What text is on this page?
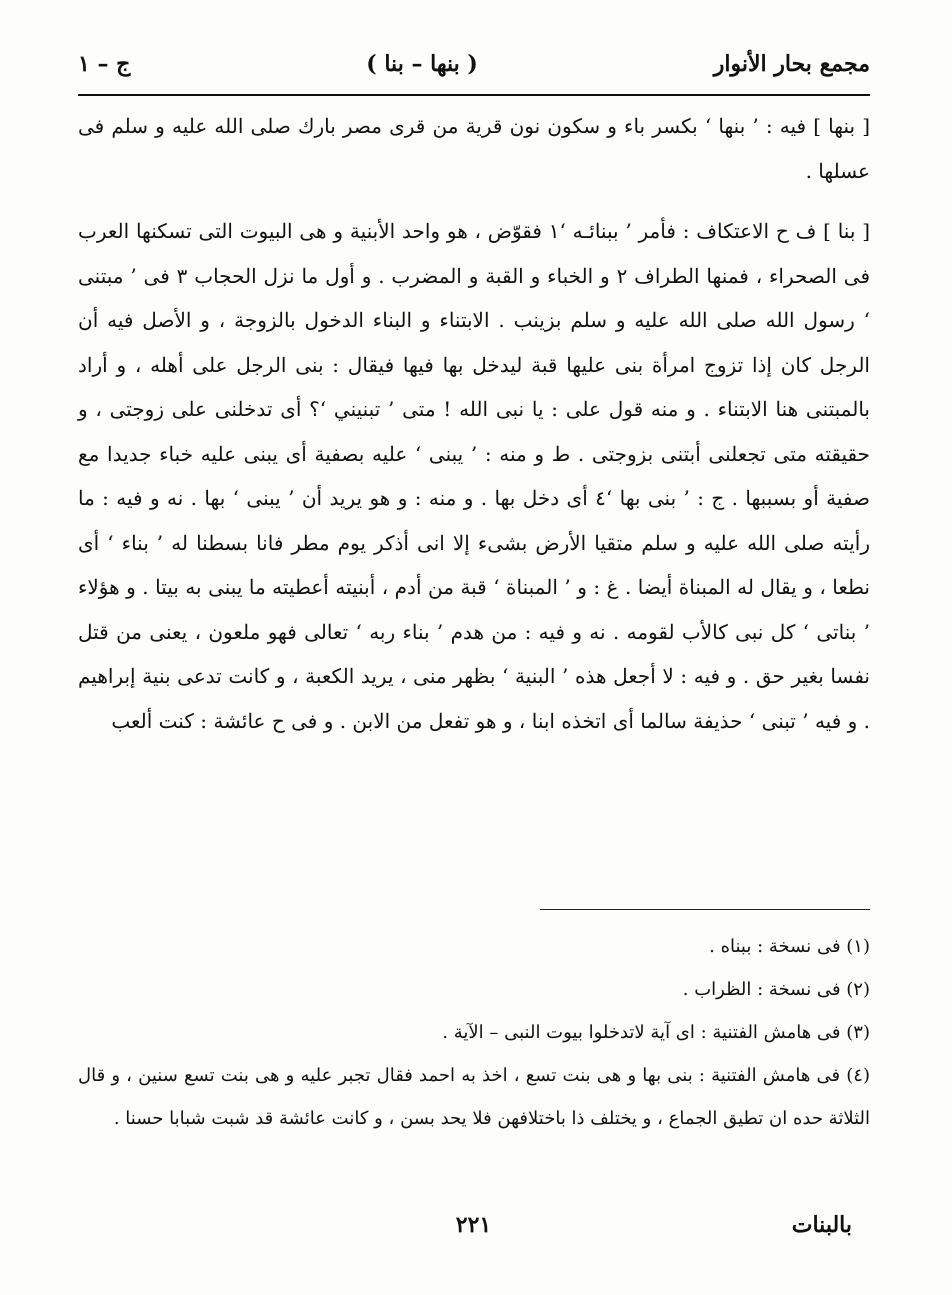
مجمع بحار الأنوار
( بنها – بنا )
ج – ١

[ بنها ] فيه : ’ بنها ‘ بكسر باء و سكون نون قرية من قرى مصر بارك صلى الله عليه و سلم فى عسلها .

[ بنا ] ف ح الاعتكاف : فأمر ’ ببنائـه ‘١ فقوّض ، هو واحد الأبنية و هى البيوت التى تسكنها العرب فى الصحراء ، فمنها الطراف ٢ و الخباء و القبة و المضرب . و أول ما نزل الحجاب ٣ فى ’ مبتنى ‘ رسول الله صلى الله عليه و سلم بزينب . الابتناء و البناء الدخول بالزوجة ، و الأصل فيه أن الرجل كان إذا تزوج امرأة بنى عليها قبة ليدخل بها فيها فيقال : بنى الرجل على أهله ، و أراد بالمبتنى هنا الابتناء . و منه قول على : يا نبى الله ! متى ’ تبنيني ‘؟ أى تدخلنى على زوجتى ، و حقيقته متى تجعلنى أبتنى بزوجتى . ط و منه : ’ يبنى ‘ عليه بصفية أى يبنى عليه خباء جديدا مع صفية أو بسببها . ج : ’ بنى بها ‘٤ أى دخل بها . و منه : و هو يريد أن ’ يبنى ‘ بها . نه و فيه : ما رأيته صلى الله عليه و سلم متقيا الأرض بشىء إلا انى أذكر يوم مطر فانا بسطنا له ’ بناء ‘ أى نطعا ، و يقال له المبناة أيضا . غ : و ’ المبناة ‘ قبة من أدم ، أبنيته أعطيته ما يبنى به بيتا . و هؤلاء ’ بناتى ‘ كل نبى كالأب لقومه . نه و فيه : من هدم ’ بناء ربه ‘ تعالى فهو ملعون ، يعنى من قتل نفسا بغير حق . و فيه : لا أجعل هذه ’ البنية ‘ بظهر منى ، يريد الكعبة ، و كانت تدعى بنية إبراهيم . و فيه ’ تبنى ‘ حذيفة سالما أى اتخذه ابنا ، و هو تفعل من الابن . و فى ح عائشة : كنت ألعب

(١) فى نسخة : ببناه .

(٢) فى نسخة : الظراب .

(٣) فى هامش الفتنية : اى آية لاتدخلوا بيوت النبى – الآية .

(٤) فى هامش الفتنية : بنى بها و هى بنت تسع ، اخذ به احمد فقال تجبر عليه و هى بنت تسع سنين ، و قال الثلاثة حده ان تطيق الجماع ، و يختلف ذا باختلافهن فلا يحد بسن ، و كانت عائشة قد شبت شبابا حسنا .

بالبنات
٢٢١
